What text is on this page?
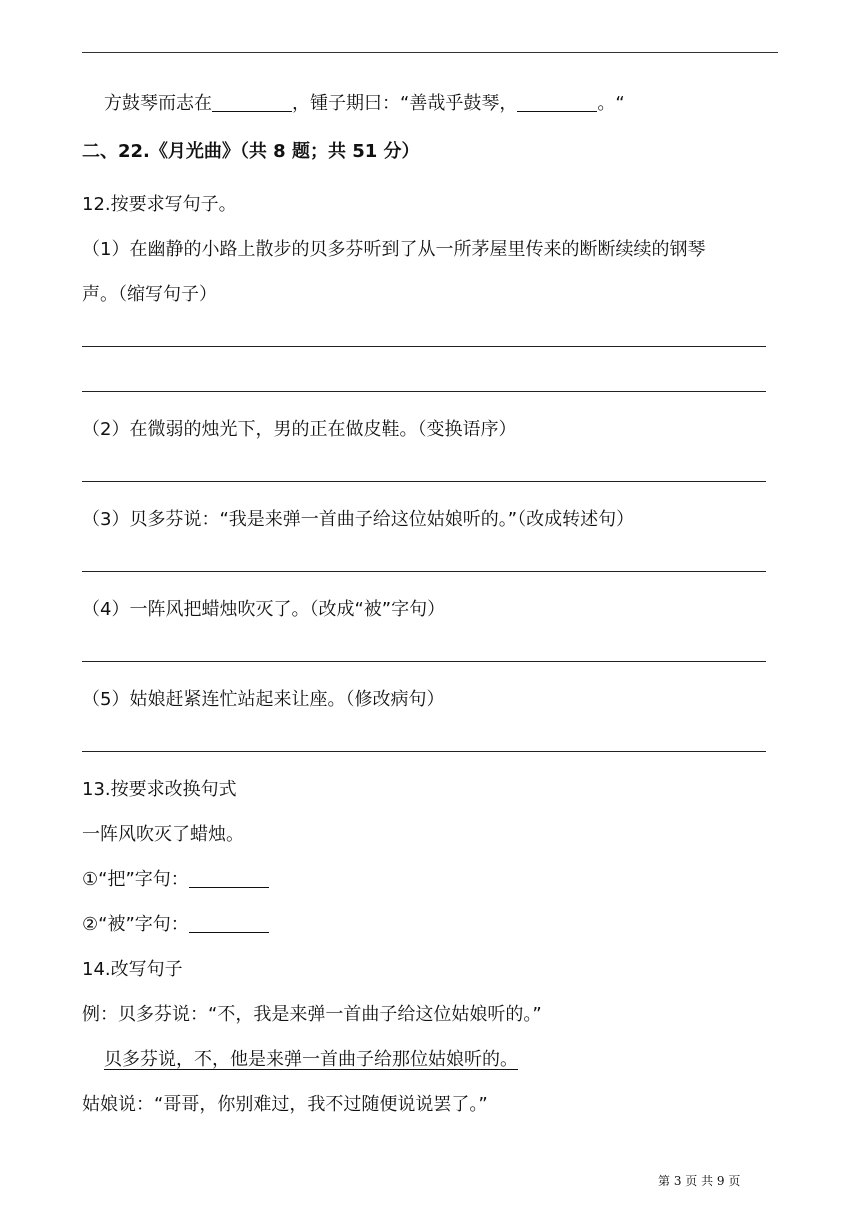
方鼓琴而志在	，锺子期曰：“善哉乎鼓琴，	。“
二、22.《月光曲》（共 8 题；共 51 分）
12.按要求写句子。
（1）在幽静的小路上散步的贝多芬听到了从一所茅屋里传来的断断续续的钢琴
声。（缩写句子）
（2）在微弱的烛光下，男的正在做皮鞋。（变换语序）
（3）贝多芬说：“我是来弹一首曲子给这位姑娘听的。”（改成转述句）
（4）一阵风把蜡烛吹灭了。（改成“被”字句）
（5）姑娘赶紧连忙站起来让座。（修改病句）
13.按要求改换句式
一阵风吹灭了蜡烛。
①“把”字句：
②“被”字句：
14.改写句子
例：贝多芬说：“不，我是来弹一首曲子给这位姑娘听的。”
贝多芬说，不，他是来弹一首曲子给那位姑娘听的。
姑娘说：“哥哥，你别难过，我不过随便说说罢了。”
第 3 页 共 9 页
